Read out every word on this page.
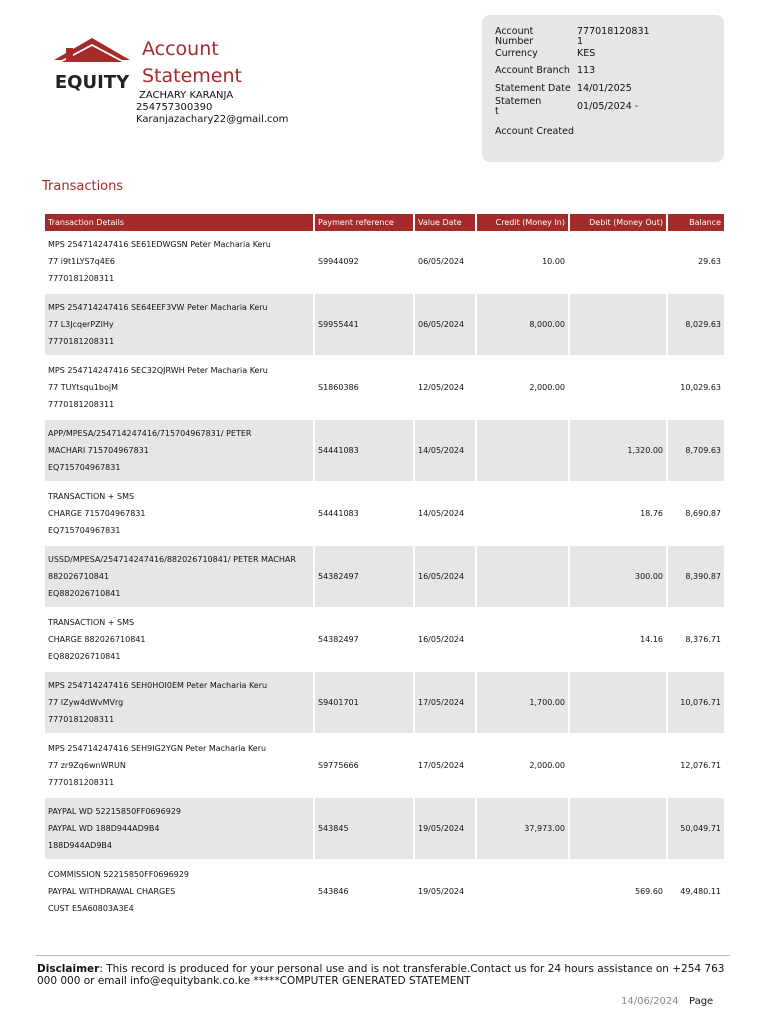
EQUITY
Account
Statement
ZACHARY KARANJA
254757300390
Karanjazachary22@gmail.com
Account Number
777018120831 1
Currency	KES
Account Branch 113
Statement Date 14/01/2025
Statement	01/05/2024 -
Account Created
Transactions
Transaction Details	Payment reference	Value Date	Credit (Money In)	Debit (Money Out)	Balance

MPS 254714247416 SE61EDWGSN Peter Macharia Keru
77 i9t1LYS7q4E6
7770181208311	S9944092	06/05/2024	10.00		29.63

MPS 254714247416 SE64EEF3VW Peter Macharia Keru
77 L3JcqerPZlHy
7770181208311	S9955441	06/05/2024	8,000.00		8,029.63

MPS 254714247416 SEC32QJRWH Peter Macharia Keru
77 TUYtsqu1bojM
7770181208311	S1860386	12/05/2024	2,000.00		10,029.63

APP/MPESA/254714247416/715704967831/ PETER
MACHARI 715704967831
EQ715704967831	54441083	14/05/2024		1,320.00	8,709.63

TRANSACTION + SMS
CHARGE 715704967831
EQ715704967831	54441083	14/05/2024		18.76	8,690.87

USSD/MPESA/254714247416/882026710841/ PETER MACHAR
882026710841
EQ882026710841	54382497	16/05/2024		300.00	8,390.87

TRANSACTION + SMS
CHARGE 882026710841
EQ882026710841	54382497	16/05/2024		14.16	8,376.71

MPS 254714247416 SEH0HOI0EM Peter Macharia Keru
77 IZyw4dWvMVrg
7770181208311	S9401701	17/05/2024	1,700.00		10,076.71

MPS 254714247416 SEH9IG2YGN Peter Macharia Keru
77 zr9Zq6wnWRUN
7770181208311	S9775666	17/05/2024	2,000.00		12,076.71

PAYPAL WD 52215850FF0696929
PAYPAL WD 188D944AD9B4
188D944AD9B4	543845	19/05/2024	37,973.00		50,049.71

COMMISSION 52215850FF0696929
PAYPAL WITHDRAWAL CHARGES
CUST E5A60803A3E4	543846	19/05/2024		569.60	49,480.11
Disclaimer: This record is produced for your personal use and is not transferable.Contact us for 24 hours assistance on +254 763 000 000 or email info@equitybank.co.ke *****COMPUTER GENERATED STATEMENT
14/06/2024 Page
